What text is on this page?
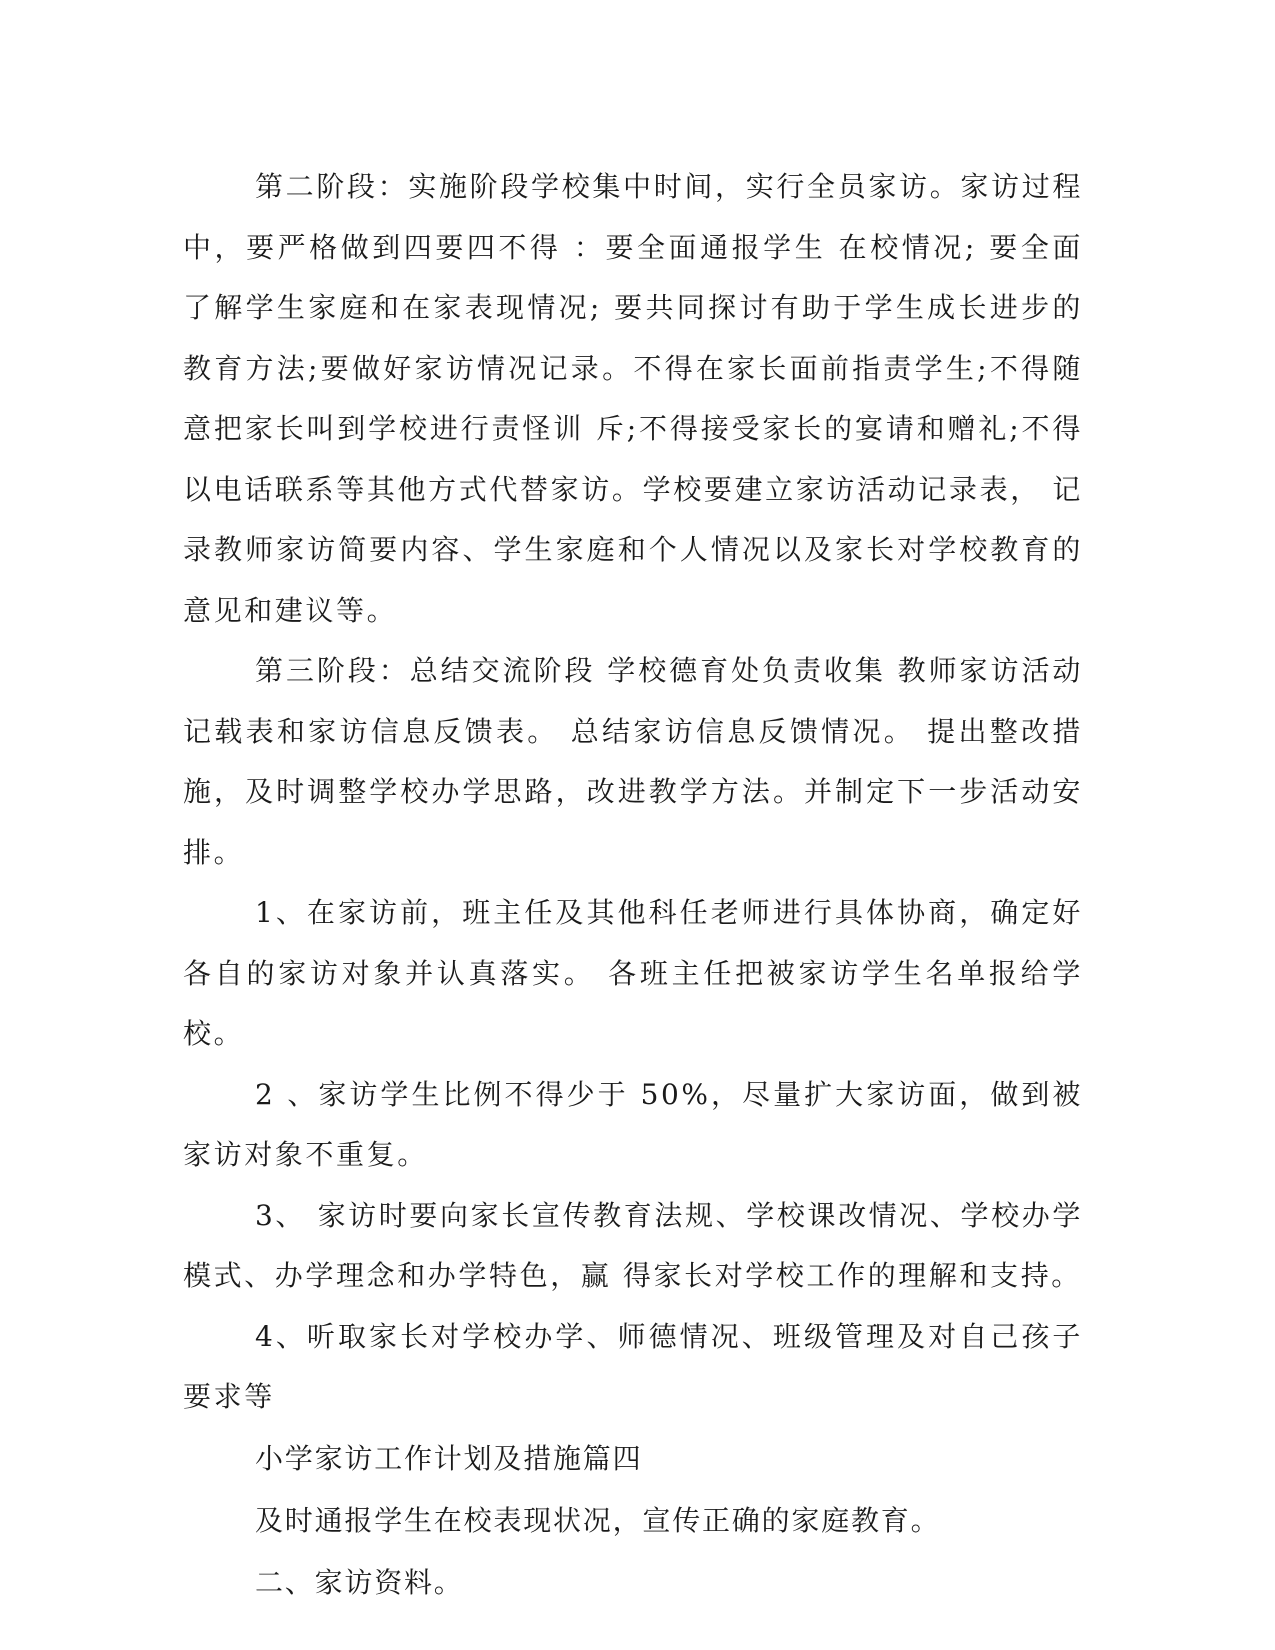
第二阶段：实施阶段学校集中时间，实行全员家访。家访过程中，要严格做到四要四不得 ：要全面通报学生 在校情况; 要全面了解学生家庭和在家表现情况; 要共同探讨有助于学生成长进步的教育方法;要做好家访情况记录。不得在家长面前指责学生;不得随意把家长叫到学校进行责怪训 斥;不得接受家长的宴请和赠礼;不得以电话联系等其他方式代替家访。学校要建立家访活动记录表， 记录教师家访简要内容、学生家庭和个人情况以及家长对学校教育的意见和建议等。

第三阶段：总结交流阶段 学校德育处负责收集 教师家访活动记载表和家访信息反馈表。 总结家访信息反馈情况。 提出整改措施，及时调整学校办学思路，改进教学方法。并制定下一步活动安排。

1、在家访前，班主任及其他科任老师进行具体协商，确定好各自的家访对象并认真落实。 各班主任把被家访学生名单报给学校。

2 、家访学生比例不得少于 50%，尽量扩大家访面，做到被家访对象不重复。

3、 家访时要向家长宣传教育法规、学校课改情况、学校办学模式、办学理念和办学特色，赢 得家长对学校工作的理解和支持。

4、听取家长对学校办学、师德情况、班级管理及对自己孩子要求等

小学家访工作计划及措施篇四

及时通报学生在校表现状况，宣传正确的家庭教育。

二、家访资料。
